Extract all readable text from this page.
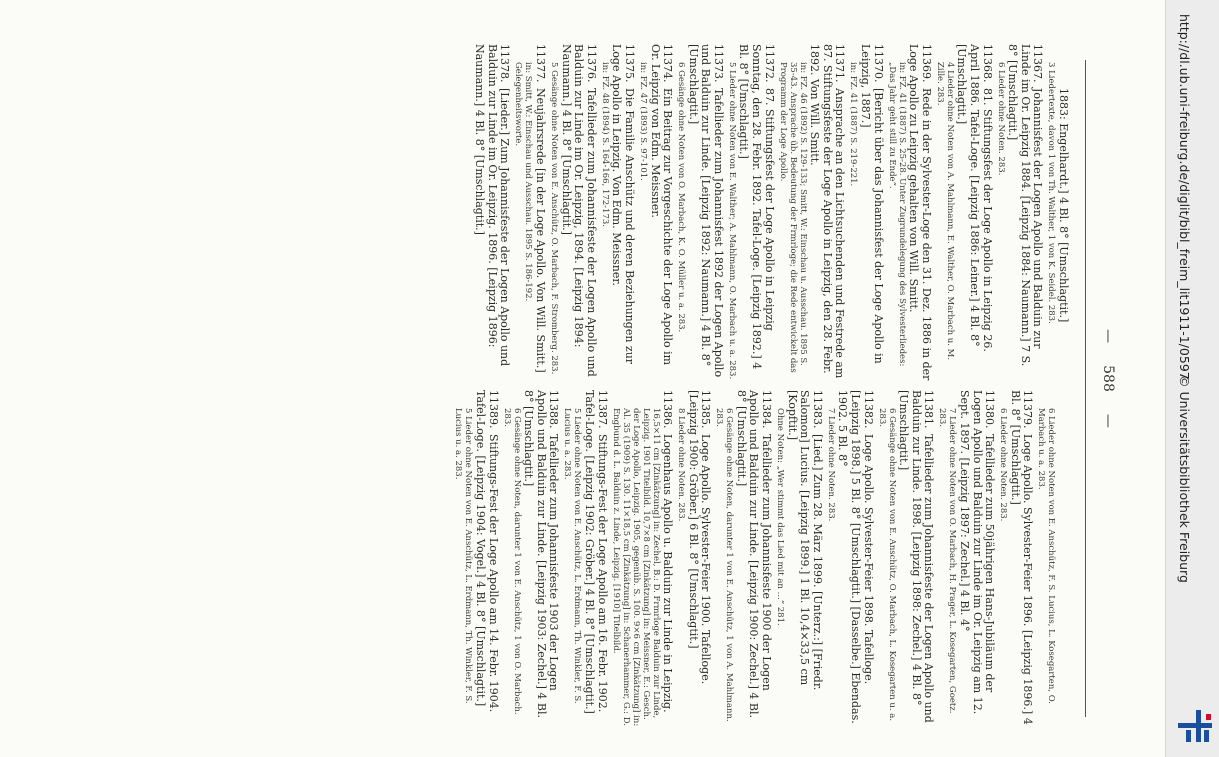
—
588
—
1883: Engelhardt.] 4 Bl. 8° [Umschlagtit.]
3 Liedertexte, davon 1 von Th. Walther, 1 von K. Seidel. 283.
11367.Johannisfest der Logen Apollo und Balduin zur Linde im Or. Leipzig 1884. [Leipzig 1884: Naumann.] 7 S. 8° [Umschlagtit.]
6 Lieder ohne Noten. 283.
11368.81. Stiftungsfest der Loge Apollo in Leipzig 26. April 1886. Tafel-Loge. [Leipzig 1886: Leiner.] 4 Bl. 8° [Umschlagtit.]
4 Lieder ohne Noten von A. Mahlmann, E. Walther, O. Marbach u. M. Zille. 283.
11369.Rede in der Sylvester-Loge den 31. Dez. 1886 in der Loge Apollo zu Leipzig gehalten von Will. Smitt.
in: FZ. 41 (1887) S. 25-28. Unter Zugrundelegung des Sylvesterliedes: „Das Jahr geht still zu Ende“.
11370.[Bericht über das Johannisfest der Loge Apollo in Leipzig, 1887.]
in: FZ. 41 (1887) S. 219-221.
11371.Ansprache an den Lichtsuchenden und Festrede am 87. Stiftungsfeste der Loge Apollo in Leipzig, den 28. Febr. 1892. Von Will. Smitt.
in: FZ. 46 (1892) S. 129-133; Smitt, W.: Einschau u. Ausschau. 1895 S. 35-43. Ansprache üb. Bedeutung der Frmrloge; die Rede entwickelt das Programm der Loge Apollo.
11372.87. Stiftungsfest der Loge Apollo in Leipzig Sonntag, den 28. Febr. 1892. Tafel-Loge. [Leipzig 1892.] 4 Bl. 8° [Umschlagtit.]
5 Lieder ohne Noten von E. Walther; A. Mahlmann, O. Marbach u. a. 283.
11373.Tafellieder zum Johannisfest 1892 der Logen Apollo und Balduin zur Linde. [Leipzig 1892: Naumann.] 4 Bl. 8° [Umschlagtit.]
6 Gesänge ohne Noten von O. Marbach, K. O. Müller u. a. 283.
11374.Ein Beitrag zur Vorgeschichte der Loge Apollo im Or. Leipzig von Edm. Meissner.
in: FZ. 47 (1893) S. 97-101.
11375.Die Familie Anschütz und deren Beziehungen zur Loge Apollo in Leipzig. Von Edm. Meissner.
in: FZ. 48 (1894) S. 164-166, 172-173.
11376.Tafellieder zum Johannisfeste der Logen Apollo und Balduin zur Linde im Or. Leipzig, 1894. [Leipzig 1894: Naumann.] 4 Bl. 8° [Umschlagtit.]
5 Gesänge ohne Noten von E. Anschütz, O. Marbach, F. Stromberg. 283.
11377.Neujahrsrede [in der Loge Apollo. Von Will. Smitt.]
in: Smitt, W.: Einschau und Ausschau. 1895 S. 186-192. Gelegenheitsworte.
11378.[Lieder.] Zum Johannisfeste der Logen Apollo und Balduin zur Linde im Or. Leipzig. 1896. [Leipzig 1896: Naumann.] 4 Bl. 8° [Umschlagtit.]
6 Lieder ohne Noten von E. Anschütz, F. S. Lucius, L. Kosegarten, O. Marbach u. a. 283.
11379.Loge Apollo. Sylvester-Feier 1896. [Leipzig 1896.] 4 Bl. 8° [Umschlagtit.]
6 Lieder ohne Noten. 283.
11380.Tafellieder zum 50jährigen Hans-Jubiläum der Logen Apollo und Balduin zur Linde im Or. Leipzig am 12. Sept. 1897. [Leipzig 1897: Zechel.] 4 Bl. 4°
7 Lieder ohne Noten von O. Marbach, H. Prager, L. Kosegarten, Goetz. 283.
11381.Tafellieder zum Johannisfeste der Logen Apollo und Balduin zur Linde. 1898. [Leipzig 1898: Zechel.] 4 Bl. 8° [Umschlagtit.]
6 Gesänge ohne Noten von E. Anschütz, O. Marbach, L. Kosegarten u. a. 283.
11382.Loge Apollo. Sylvester-Feier 1898. Tafelloge. [Leipzig 1898.] 5 Bl. 8° [Umschlagtit.] [Dasselbe.] Ebendas. 1902. 5 Bl. 8°
7 Lieder ohne Noten. 283.
11383.[Lied.] Zum 28. März 1899. [Unterz.:] [Friedr. Salomon] Lucius. [Leipzig 1899.] 1 Bl. 10,4×33,5 cm [Kopftit.]
Ohne Noten: „Wer stimmt das Lied mit an ...“ 281.
11384.Tafellieder zum Johannisfeste 1900 der Logen Apollo und Balduin zur Linde. [Leipzig 1900: Zechel.] 4 Bl. 8° [Umschlagtit.]
6 Gesänge ohne Noten, darunter 1 von E. Anschütz, 1 von A. Mahlmann. 283.
11385.Loge Apollo. Sylvester-Feier 1900. Tafelloge. [Leipzig 1900: Gröber.] 6 Bl. 8° [Umschlagtit.]
8 Lieder ohne Noten. 283.
11386.Logenhaus Apollo u. Balduin zur Linde in Leipzig.
16,5×11 cm [Zinkätzung] in: Zechel, B.: D. Frmrloge Balduin zur Linde, Leipzig. 1901 Titelbild. 10,7×8 cm [Zinkätzung] in: Meissner, E.: Gesch. der Loge Apollo, Leipzig. 1905, gegenüb. S. 100. 9×6 cm [Zinkätzung] in: Al. 35 (1909) S. 130. 11×18,5 cm [Zinkätzung] in: Schanerhammer, G.: D. Engbund d. L. Balduin z. Linde, Leipzig. [1910] Titelbild.
11387.Stiftungs-Fest der Loge Apollo am 16. Febr. 1902. Tafel-Loge. [Leipzig 1902: Gröber.] 4 Bl. 8° [Umschlagtit.]
5 Lieder ohne Noten von E. Anschütz, L. Erdmann, Th. Winkler, F. S. Lucius u. a. 283.
11388.Tafellieder zum Johannisfeste 1903 der Logen Apollo und Balduin zur Linde. [Leipzig 1903: Zechel.] 4 Bl. 8° [Umschlagtit.]
6 Gesänge ohne Noten, darunter 1 von E. Anschütz, 1 von O. Marbach. 283.
11389.Stiftungs-Fest der Loge Apollo am 14. Febr. 1904. Tafel-Loge. [Leipzig 1904: Vogel.] 4 Bl. 8° [Umschlagtit.]
5 Lieder ohne Noten von E. Anschütz, L. Erdmann, Th. Winkler, F. S. Lucius u. a. 283.
http://dl.ub.uni-freiburg.de/diglit/bibl_freim_lit1911-1/0597
© Universitätsbibliothek Freiburg
